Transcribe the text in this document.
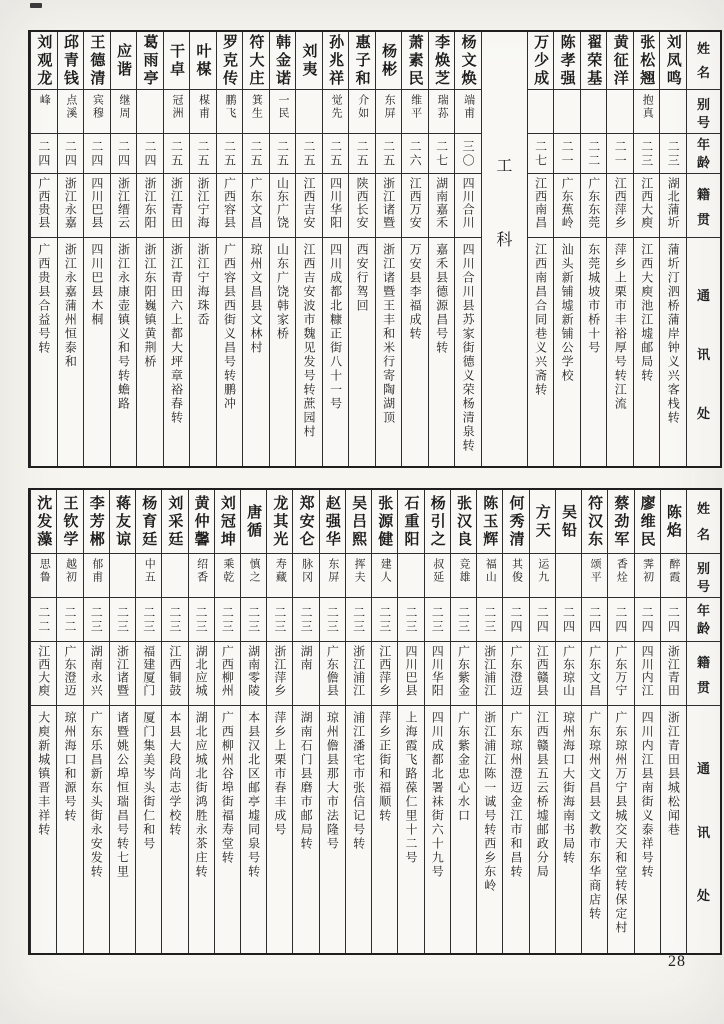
姓
名
别
号
年
龄
籍
贯
通
讯
处
刘凤鸣
二三
湖北蒲圻
蒲圻汀泗桥蒲岸钟义兴客栈转
张松翘
抱真
二三
江西大庾
江西大庾池江墟邮局转
黄征洋
二一
江西萍乡
萍乡上栗市丰裕厚号转江流
翟荣基
二二
广东东莞
东莞城坡市桥十号
陈孝强
二一
广东蕉岭
汕头新铺墟新铺公学校
万少成
二七
江西南昌
江西南昌合同巷义兴斋转
工
科
杨文焕
端甫
三〇
四川合川
四川合川县苏家街德义荣杨清泉转
李焕芝
瑞荪
二七
湖南嘉禾
嘉禾县德源昌号转
萧素民
维平
二六
江西万安
万安县李福成转
杨彬
东屏
二五
浙江诸暨
浙江诸暨王丰和米行寄陶湖顶
惠子和
介如
二五
陕西长安
西安行驾回
孙兆祥
觉先
二五
四川华阳
四川成都北糠正街八十一号
刘夷
二五
江西吉安
江西吉安波市魏见发号转蔗园村
韩金诺
一民
二五
山东广饶
山东广饶韩家桥
符大庄
箕生
二五
广东文昌
琼州文昌县文林村
罗克传
鹏飞
二五
广西容县
广西容县西街义昌号转鹏冲
叶楳
楳甫
二五
浙江宁海
浙江宁海珠岙
干卓
冠洲
二五
浙江青田
浙江青田六上都大坪章裕春转
葛雨亭
二四
浙江东阳
浙江东阳巍镇黄荆桥
应谐
继周
二四
浙江缙云
浙江永康壶镇义和号转蟾路
王德清
宾穆
二四
四川巴县
四川巴县木桐
邱青钱
点溪
二四
浙江永嘉
浙江永嘉蒲州恒泰和
刘观龙
峰
二四
广西贵县
广西贵县合益号转
姓
名
别
号
年
龄
籍
贯
通
讯
处
陈焰
醉霞
二四
浙江青田
浙江青田县城松闻巷
廖维民
霁初
二四
四川内江
四川内江县南街义泰祥号转
蔡劲军
香烇
二四
广东万宁
广东琼州万宁县城交天和堂转保定村
符汉东
颂平
二四
广东文昌
广东琼州文昌县文教市东华商店转
吴铅
二四
广东琼山
琼州海口大街海南书局转
方天
运九
二四
江西赣县
江西赣县五云桥墟邮政分局
何秀清
其俊
二四
广东澄迈
广东琼州澄迈金江市和昌转
陈玉辉
福山
二三
浙江浦江
浙江浦江陈一诚号转西乡东岭
张汉良
竞雄
二三
广东紫金
广东紫金忠心水口
杨引之
叔延
二三
四川华阳
四川成都北署袜街六十九号
石重阳
二三
四川巴县
上海霞飞路葆仁里十二号
张源健
建人
二三
江西萍乡
萍乡正街和福顺转
吴吕熙
挥夫
二三
浙江浦江
浦江潘宅市张信记号转
赵强华
东屏
二三
广东儋县
琼州儋县那大市法隆号
郑安仑
脉冈
二三
湖南
湖南石门县磨市邮局转
龙其光
寿藏
二三
浙江萍乡
萍乡上栗市春丰成号
唐循
慎之
二三
湖南零陵
本县汉北区邮亭墟同泉号转
刘冠坤
乘乾
二三
广西柳州
广西柳州谷埠街福寿堂转
黄仲馨
绍香
二三
湖北应城
湖北应城北街鸿胜永茶庄转
刘采廷
二三
江西铜鼓
本县大段尚志学校转
杨育廷
中五
二三
福建厦门
厦门集美岑头街仁和号
蒋友谅
二三
浙江诸暨
诸暨姚公埠恒瑞昌号转七里
李芳郴
郁甫
二三
湖南永兴
广东乐昌新东头街永安发转
王钦学
越初
二二
广东澄迈
琼州海口和源号转
沈发藻
思鲁
二二
江西大庾
大庾新城镇晋丰祥转
28
